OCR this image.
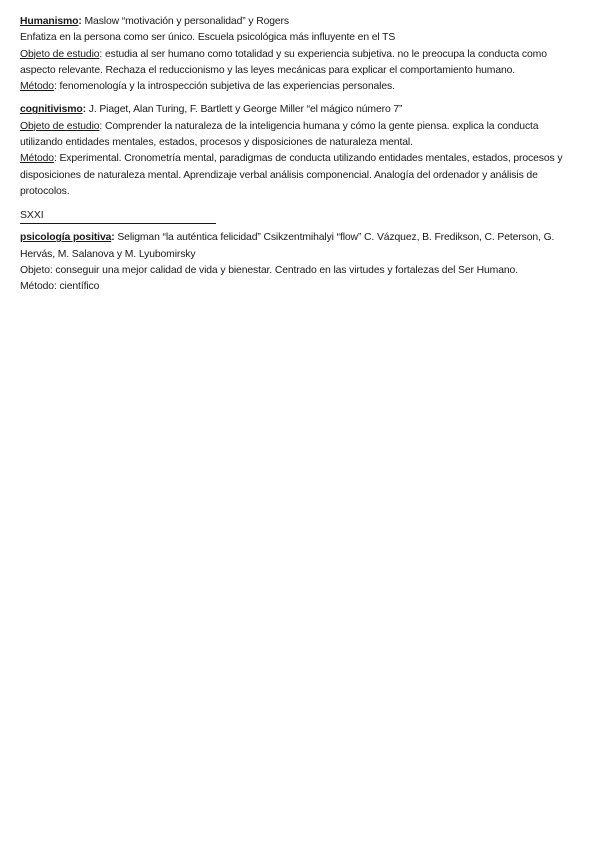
Humanismo: Maslow “motivación y personalidad” y Rogers

Enfatiza en la persona como ser único. Escuela psicológica más influyente en el TS

Objeto de estudio: estudia al ser humano como totalidad y su experiencia subjetiva. no le preocupa la conducta como aspecto relevante. Rechaza el reduccionismo y las leyes mecánicas para explicar el comportamiento humano.

Método: fenomenología y la introspección subjetiva de las experiencias personales.

cognitivismo: J. Piaget, Alan Turing, F. Bartlett y George Miller “el mágico número 7”

Objeto de estudio: Comprender la naturaleza de la inteligencia humana y cómo la gente piensa. explica la conducta utilizando entidades mentales, estados, procesos y disposiciones de naturaleza mental.

Método: Experimental. Cronometría mental, paradigmas de conducta utilizando entidades mentales, estados, procesos y disposiciones de naturaleza mental. Aprendizaje verbal análisis componencial. Analogía del ordenador y análisis de protocolos.

SXXI

psicología positiva: Seligman “la auténtica felicidad” Csikzentmihalyi “flow” C. Vázquez, B. Fredikson, C. Peterson, G. Hervás, M. Salanova y M. Lyubomirsky

Objeto: conseguir una mejor calidad de vida y bienestar. Centrado en las virtudes y fortalezas del Ser Humano.

Método: científico
